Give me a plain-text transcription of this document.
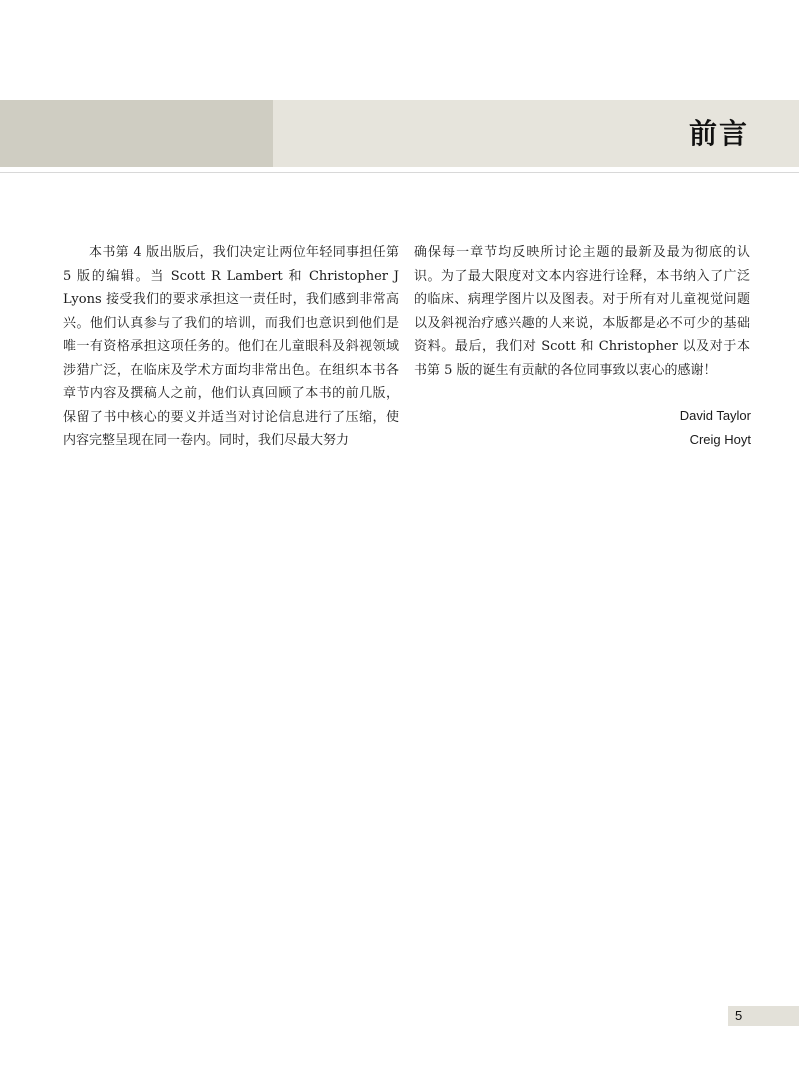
前言

本书第 4 版出版后，我们决定让两位年轻同事担任第 5 版的编辑。当 Scott R Lambert 和 Christopher J Lyons 接受我们的要求承担这一责任时，我们感到非常高兴。他们认真参与了我们的培训，而我们也意识到他们是唯一有资格承担这项任务的。他们在儿童眼科及斜视领域涉猎广泛，在临床及学术方面均非常出色。在组织本书各章节内容及撰稿人之前，他们认真回顾了本书的前几版，保留了书中核心的要义并适当对讨论信息进行了压缩，使内容完整呈现在同一卷内。同时，我们尽最大努力

确保每一章节均反映所讨论主题的最新及最为彻底的认识。为了最大限度对文本内容进行诠释，本书纳入了广泛的临床、病理学图片以及图表。对于所有对儿童视觉问题以及斜视治疗感兴趣的人来说，本版都是必不可少的基础资料。最后，我们对 Scott 和 Christopher 以及对于本书第 5 版的诞生有贡献的各位同事致以衷心的感谢！

David Taylor
Creig Hoyt
5
